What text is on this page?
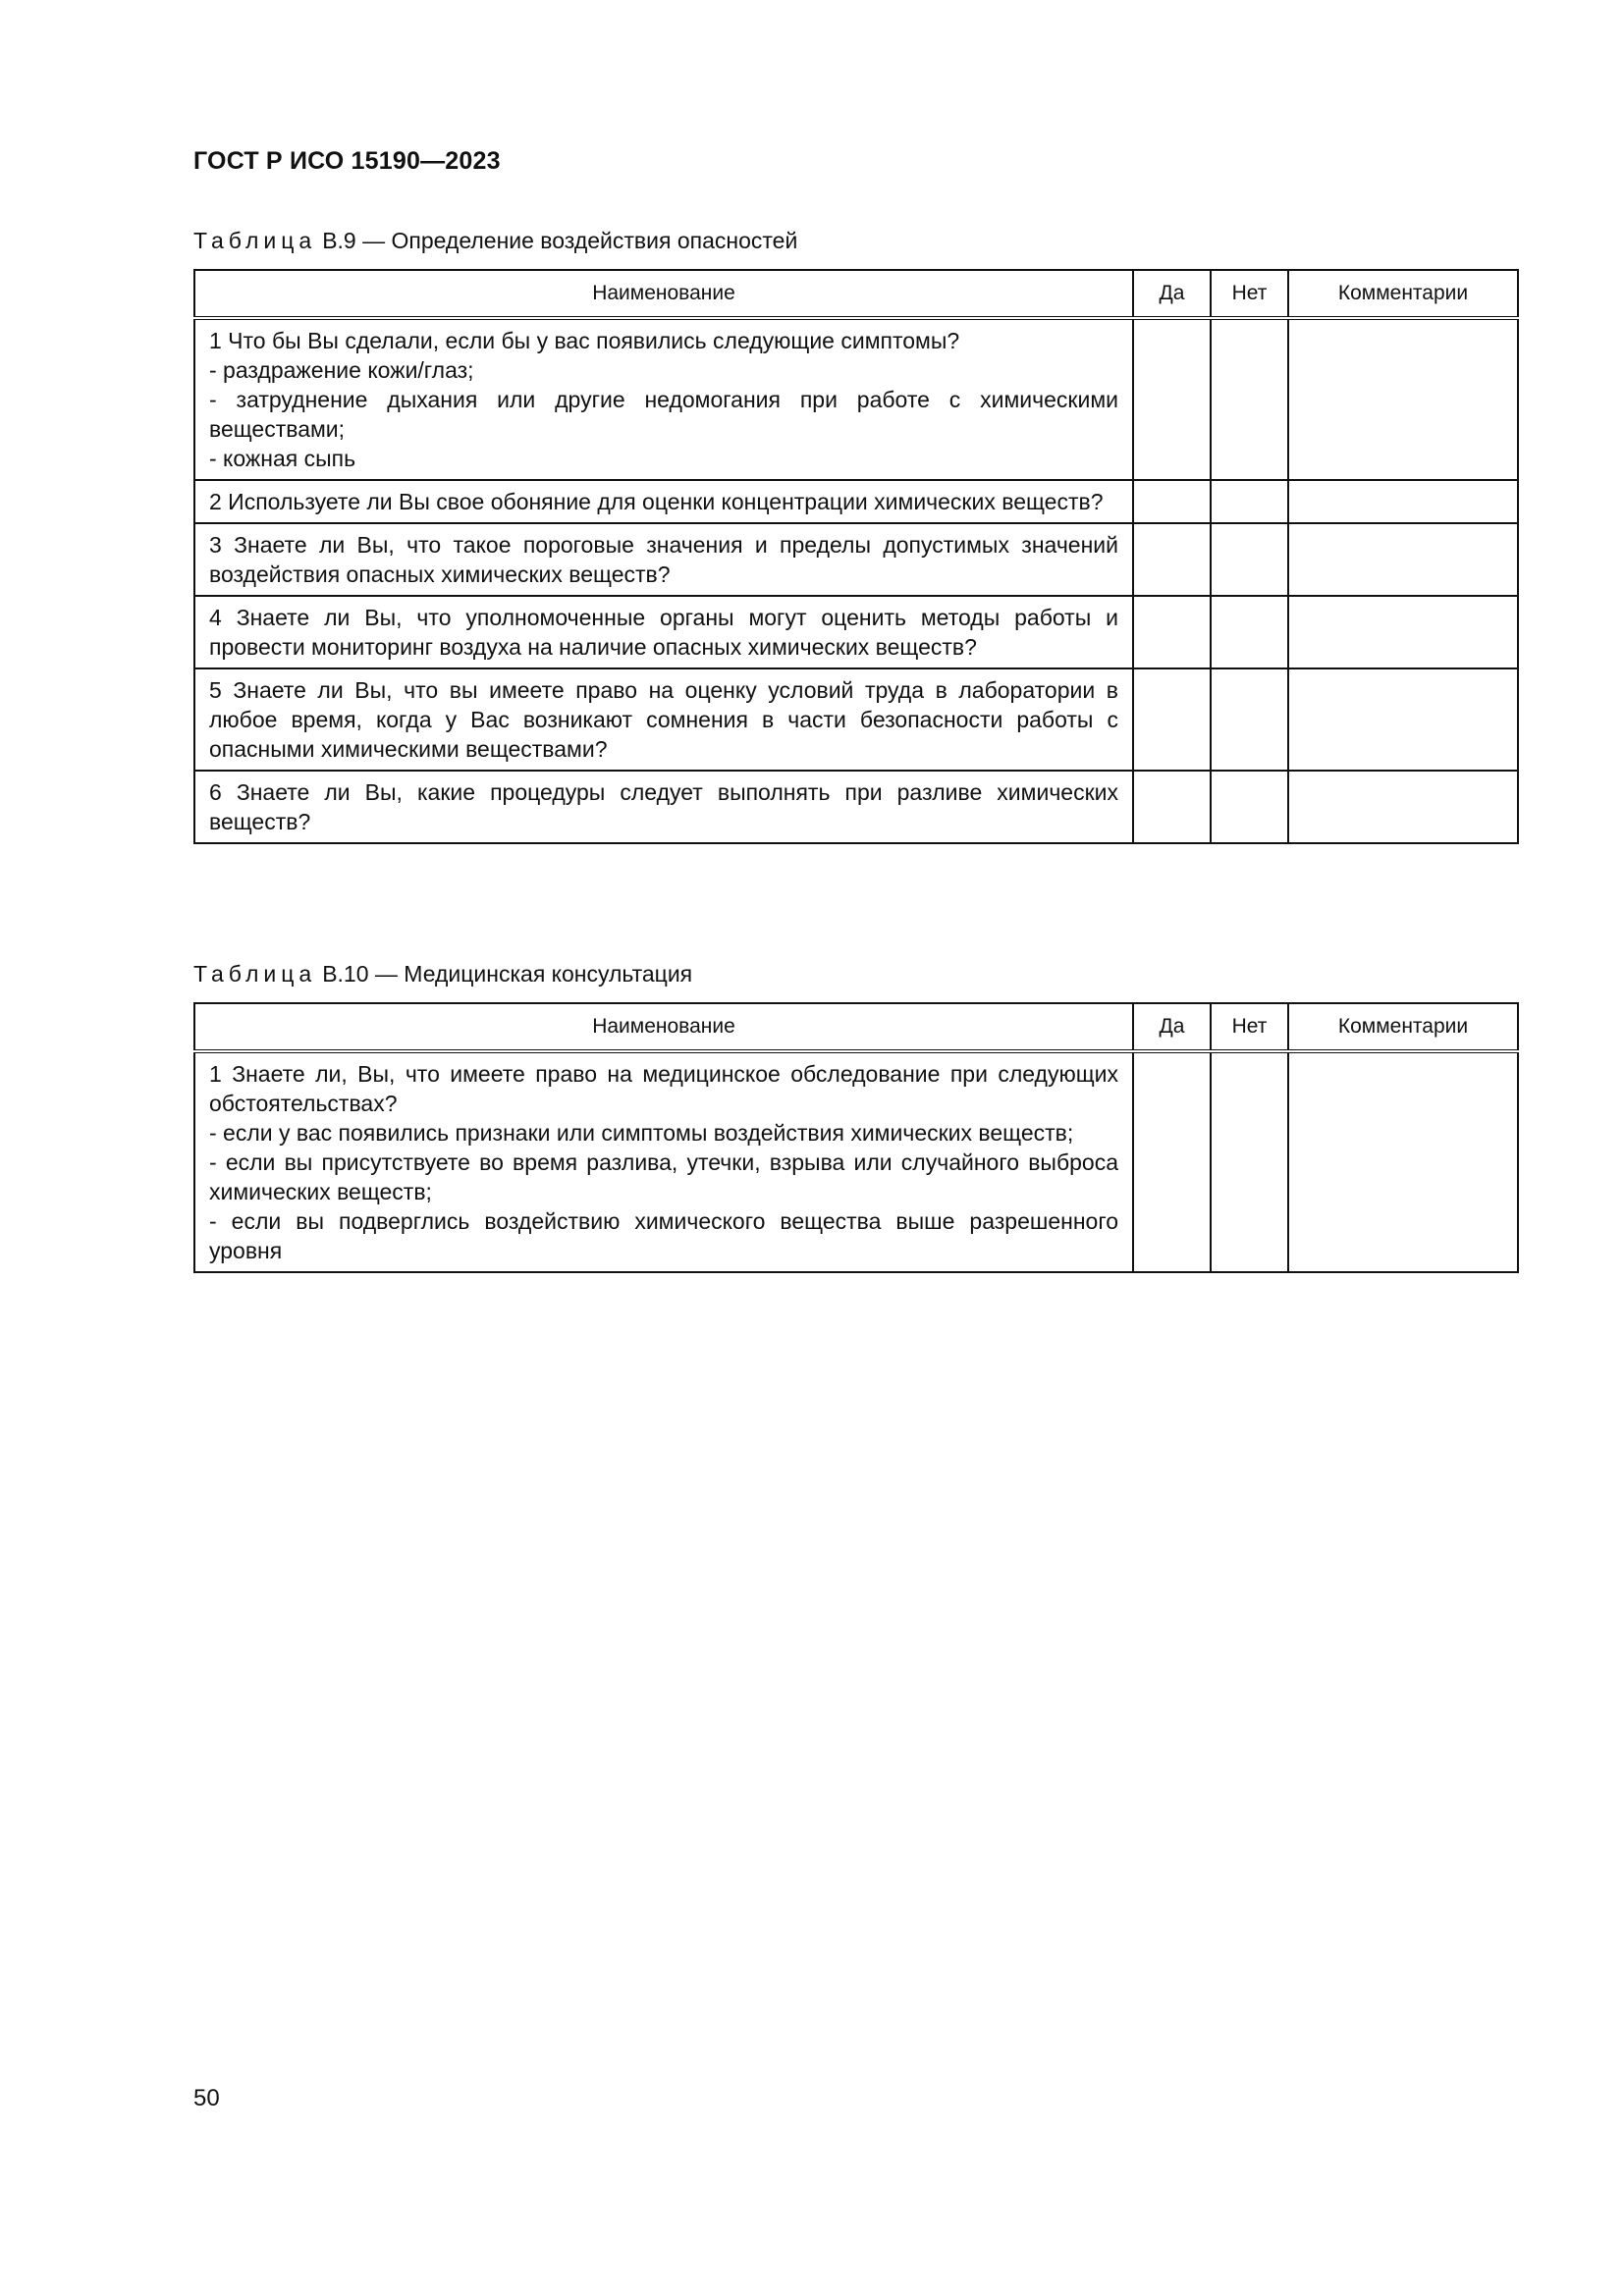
ГОСТ Р ИСО 15190—2023
Таблица В.9 — Определение воздействия опасностей
Наименование	Да	Нет	Комментарии

1 Что бы Вы сделали, если бы у вас появились следующие симптомы?
- раздражение кожи/глаз;
- затруднение дыхания или другие недомогания при работе с химическими веществами;
- кожная сыпь			

2 Используете ли Вы свое обоняние для оценки концентрации химических веществ?			

3 Знаете ли Вы, что такое пороговые значения и пределы допустимых значений воздействия опасных химических веществ?			

4 Знаете ли Вы, что уполномоченные органы могут оценить методы работы и провести мониторинг воздуха на наличие опасных химических веществ?			

5 Знаете ли Вы, что вы имеете право на оценку условий труда в лаборатории в любое время, когда у Вас возникают сомнения в части безопасности работы с опасными химическими веществами?			

6 Знаете ли Вы, какие процедуры следует выполнять при разливе химических веществ?			

Таблица В.10 — Медицинская консультация
Наименование	Да	Нет	Комментарии

1 Знаете ли, Вы, что имеете право на медицинское обследование при следующих обстоятельствах?
- если у вас появились признаки или симптомы воздействия химических веществ;
- если вы присутствуете во время разлива, утечки, взрыва или случайного выброса химических веществ;
- если вы подверглись воздействию химического вещества выше разрешенного уровня			

50
